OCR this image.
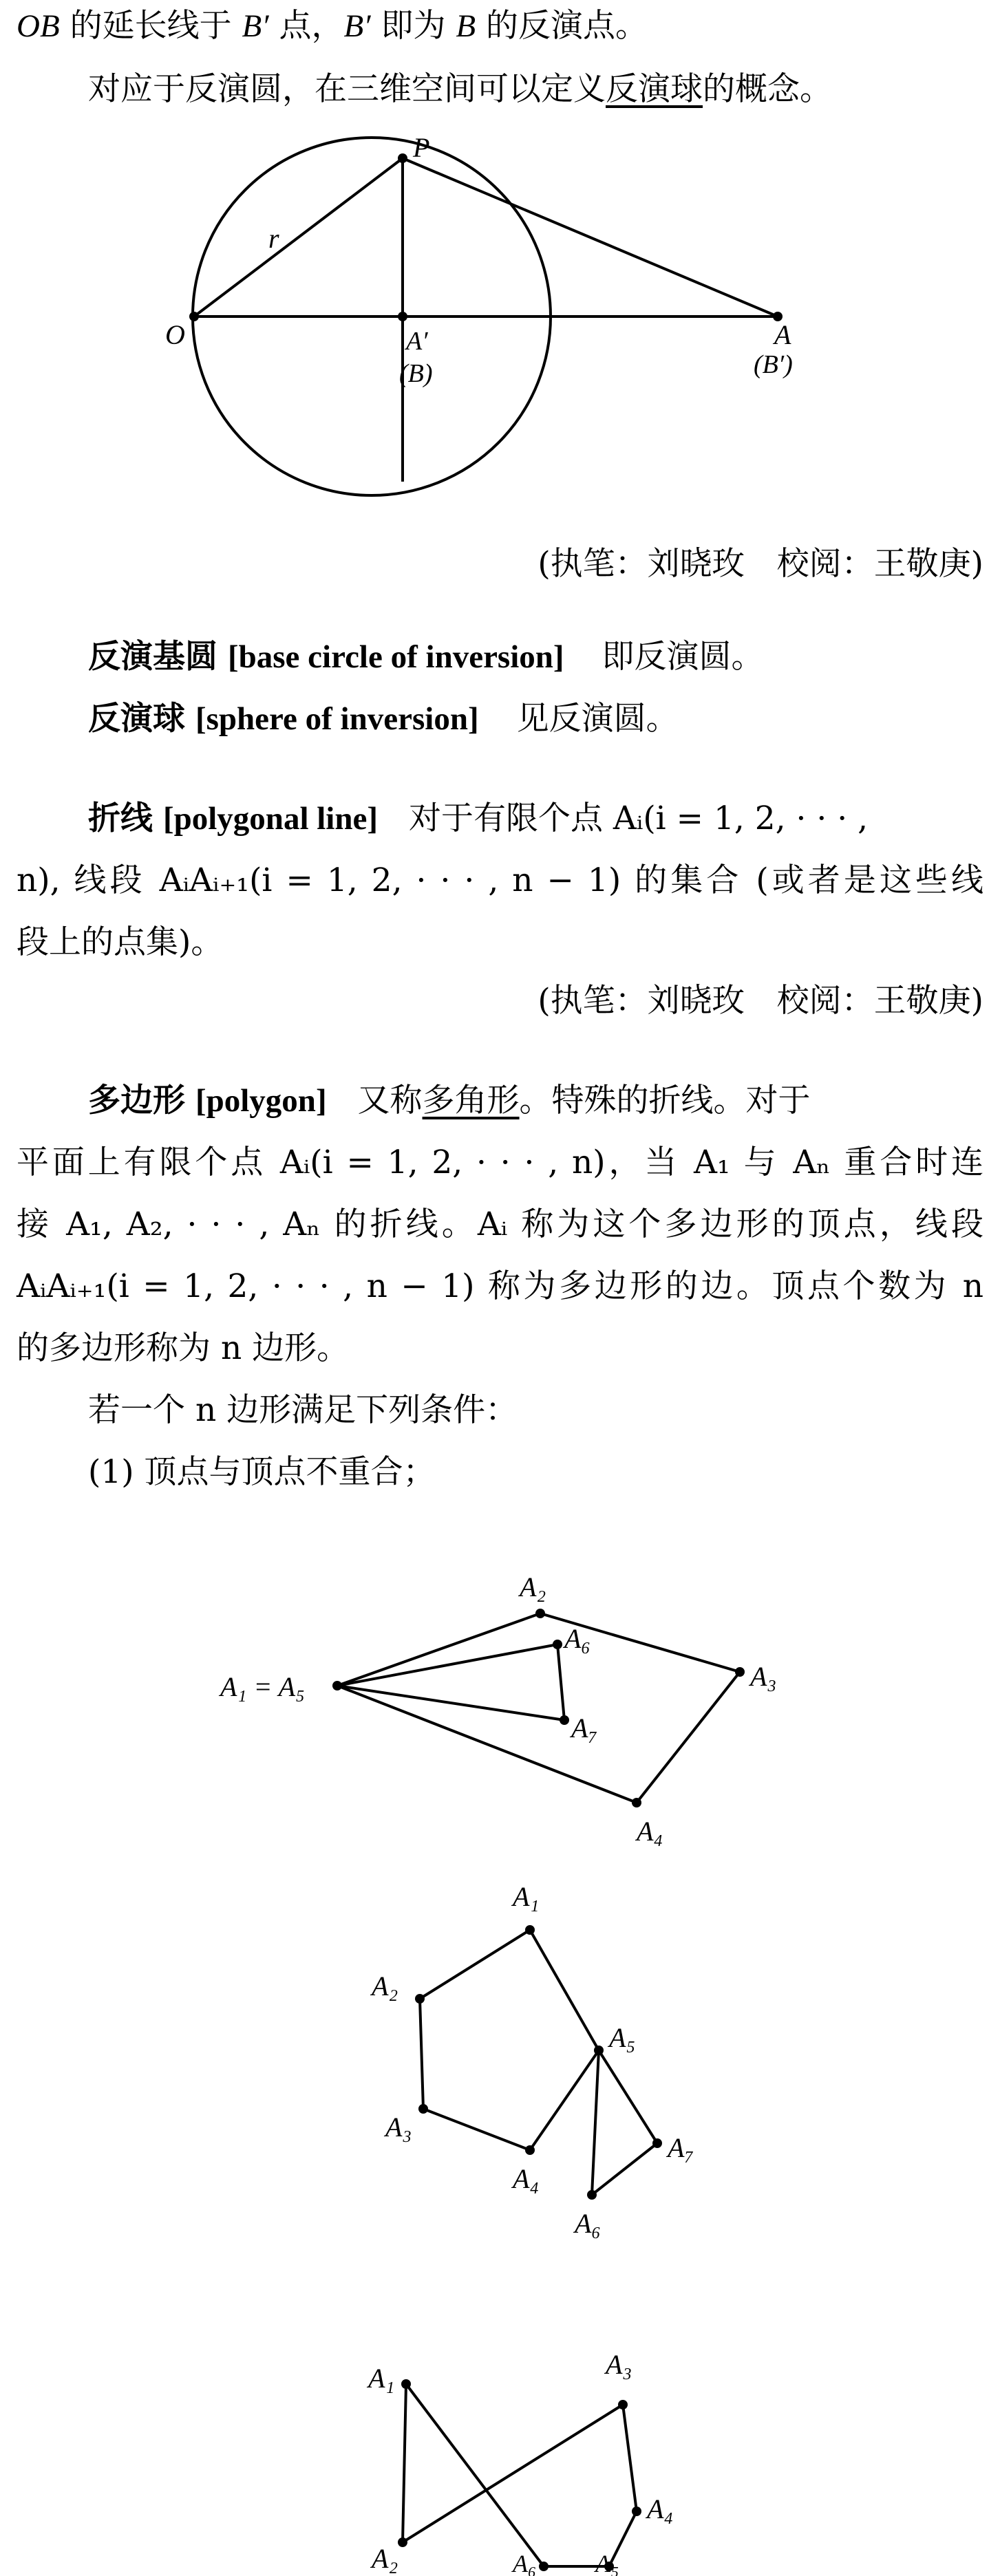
OB 的延长线于 B′ 点，B′ 即为 B 的反演点。
对应于反演圆，在三维空间可以定义反演球的概念。
P
r
O	A′
(B)
A
(B′)
(执笔：刘晓玫　校阅：王敬庚)
反演基圆 [base circle of inversion] 即反演圆。
反演球 [sphere of inversion] 见反演圆。
折线 [polygonal line] 对于有限个点 Aᵢ(i = 1, 2, · · · ,
n), 线段 AᵢAᵢ₊₁(i = 1, 2, · · · , n − 1) 的集合 (或者是这些线
段上的点集)。
(执笔：刘晓玫　校阅：王敬庚)
多边形 [polygon] 又称多角形。特殊的折线。对于
平面上有限个点 Aᵢ(i = 1, 2, · · · , n)，当 A₁ 与 Aₙ 重合时连
接 A₁, A₂, · · · , Aₙ 的折线。Aᵢ 称为这个多边形的顶点，线段
AᵢAᵢ₊₁(i = 1, 2, · · · , n − 1) 称为多边形的边。顶点个数为 n
的多边形称为 n 边形。
若一个 n 边形满足下列条件：
(1) 顶点与顶点不重合；
A₁ = A₅
A₂
A₃
A₄
A₆
A₇
A₁
A₂
A₃
A₄
A₅
A₇
A₆
A₁
A₂
A₃
A₄
A₅
A₆
